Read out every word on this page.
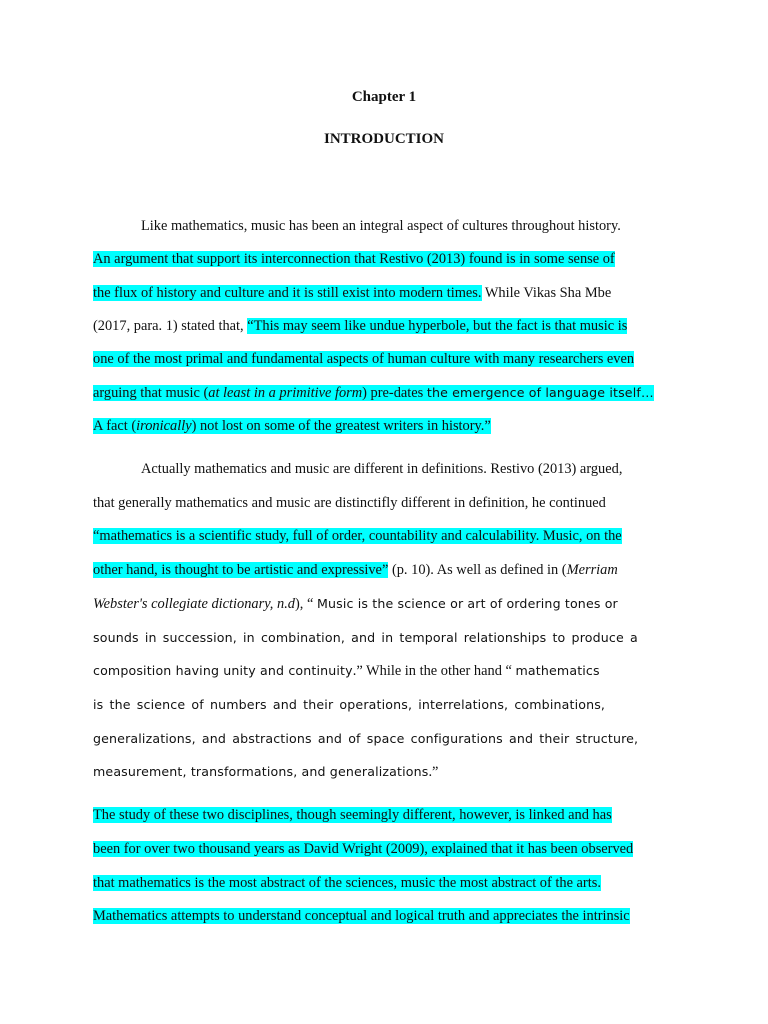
Chapter 1
INTRODUCTION
Like mathematics, music has been an integral aspect of cultures throughout history.
An argument that support its interconnection that Restivo (2013) found is in some sense of
the flux of history and culture and it is still exist into modern times. While Vikas Sha Mbe
(2017, para. 1) stated that, “This may seem like undue hyperbole, but the fact is that music is
one of the most primal and fundamental aspects of human culture with many researchers even
arguing that music (at least in a primitive form) pre-dates the emergence of language itself…
A fact (ironically) not lost on some of the greatest writers in history.”
Actually mathematics and music are different in definitions. Restivo (2013) argued,
that generally mathematics and music are distinctifly different in definition, he continued
“mathematics is a scientific study, full of order, countability and calculability. Music, on the
other hand, is thought to be artistic and expressive” (p. 10). As well as defined in (Merriam
Webster's collegiate dictionary, n.d), “ Music is the science or art of ordering tones or
sounds in succession, in combination, and in temporal relationships to produce a
composition having unity and continuity.” While in the other hand “ mathematics
is the science of numbers and their operations, interrelations, combinations,
generalizations, and abstractions and of space configurations and their structure,
measurement, transformations, and generalizations.”
The study of these two disciplines, though seemingly different, however, is linked and has
been for over two thousand years as David Wright (2009), explained that it has been observed
that mathematics is the most abstract of the sciences, music the most abstract of the arts.
Mathematics attempts to understand conceptual and logical truth and appreciates the intrinsic
